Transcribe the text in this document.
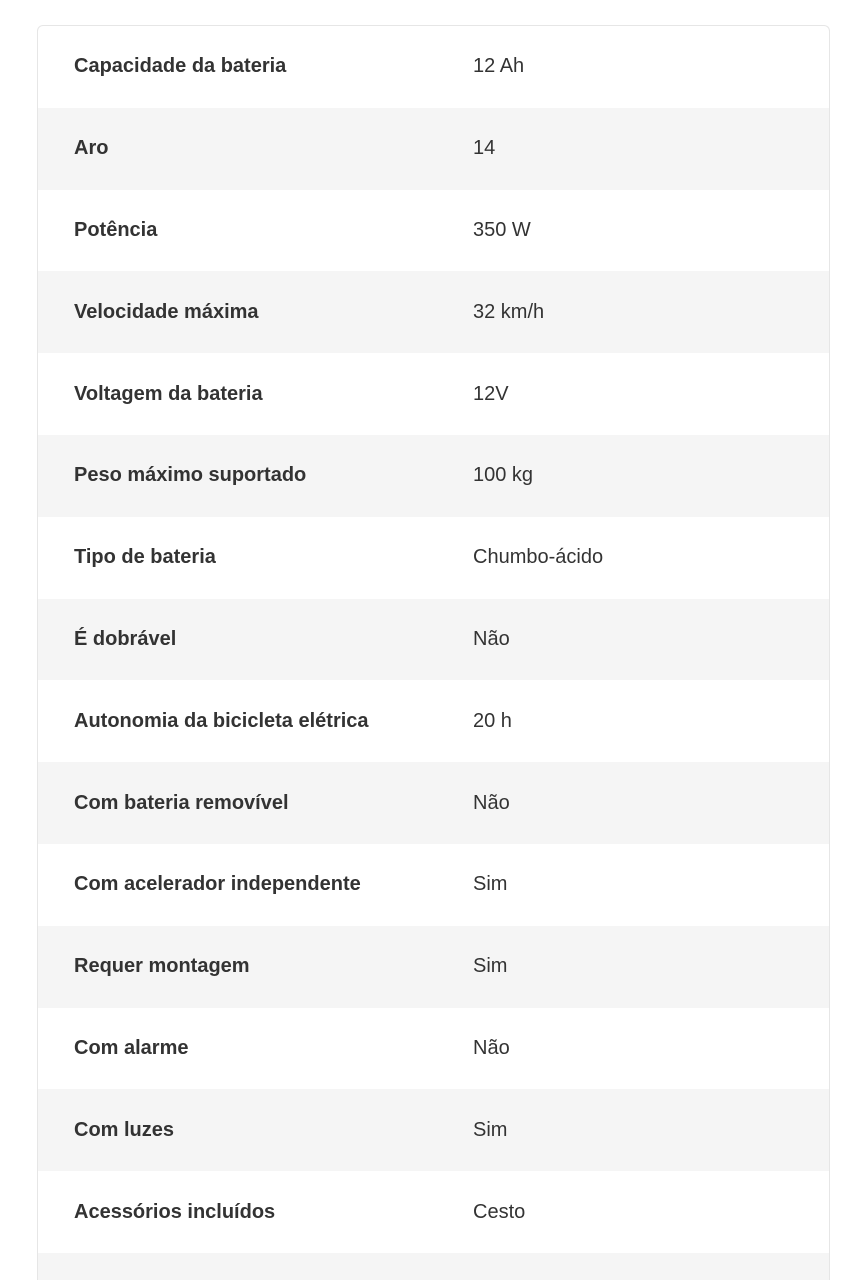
Capacidade da bateria	12 Ah
Aro	14
Potência	350 W
Velocidade máxima	32 km/h
Voltagem da bateria	12V
Peso máximo suportado	100 kg
Tipo de bateria	Chumbo-ácido
É dobrável	Não
Autonomia da bicicleta elétrica	20 h
Com bateria removível	Não
Com acelerador independente	Sim
Requer montagem	Sim
Com alarme	Não
Com luzes	Sim
Acessórios incluídos	Cesto
